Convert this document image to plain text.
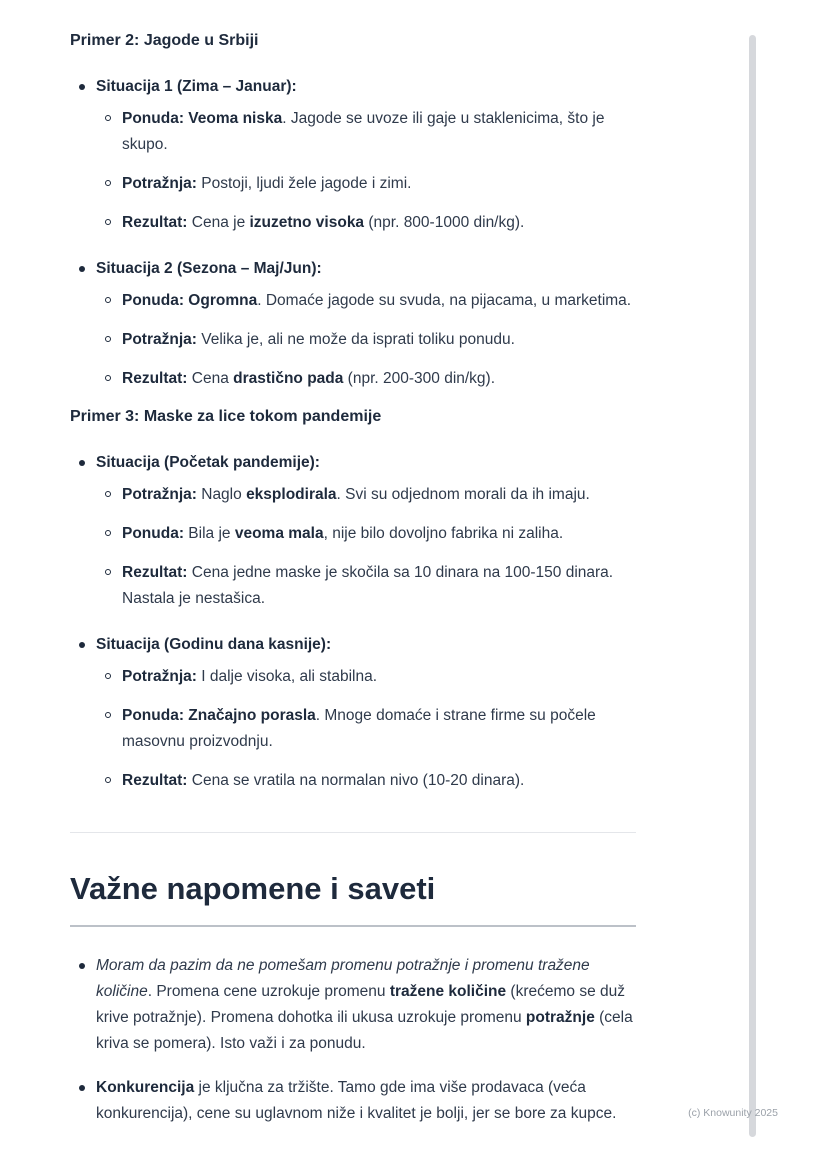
Primer 2: Jagode u Srbiji

Situacija 1 (Zima – Januar):

Ponuda: Veoma niska. Jagode se uvoze ili gaje u staklenicima, što je skupo.

Potražnja: Postoji, ljudi žele jagode i zimi.

Rezultat: Cena je izuzetno visoka (npr. 800-1000 din/kg).

Situacija 2 (Sezona – Maj/Jun):

Ponuda: Ogromna. Domaće jagode su svuda, na pijacama, u marketima.

Potražnja: Velika je, ali ne može da isprati toliku ponudu.

Rezultat: Cena drastično pada (npr. 200-300 din/kg).

Primer 3: Maske za lice tokom pandemije

Situacija (Početak pandemije):

Potražnja: Naglo eksplodirala. Svi su odjednom morali da ih imaju.

Ponuda: Bila je veoma mala, nije bilo dovoljno fabrika ni zaliha.

Rezultat: Cena jedne maske je skočila sa 10 dinara na 100-150 dinara. Nastala je nestašica.

Situacija (Godinu dana kasnije):

Potražnja: I dalje visoka, ali stabilna.

Ponuda: Značajno porasla. Mnoge domaće i strane firme su počele masovnu proizvodnju.

Rezultat: Cena se vratila na normalan nivo (10-20 dinara).

Važne napomene i saveti

Moram da pazim da ne pomešam promenu potražnje i promenu tražene količine. Promena cene uzrokuje promenu tražene količine (krećemo se duž krive potražnje). Promena dohotka ili ukusa uzrokuje promenu potražnje (cela kriva se pomera). Isto važi i za ponudu.

Konkurencija je ključna za tržište. Tamo gde ima više prodavaca (veća konkurencija), cene su uglavnom niže i kvalitet je bolji, jer se bore za kupce.	(c) Knowunity 2025
